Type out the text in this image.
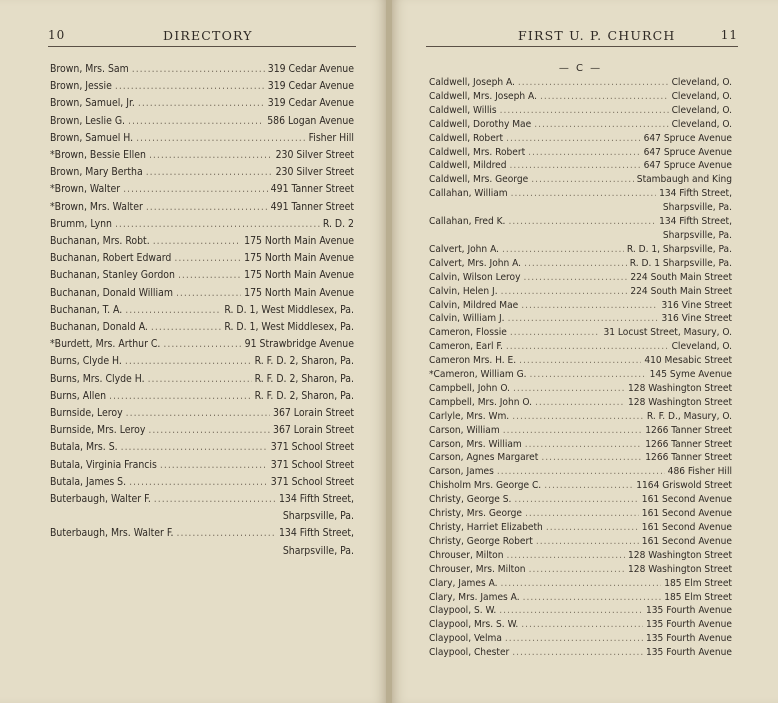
10	DIRECTORY
Brown, Mrs. Sam .....	319 Cedar Avenue
Brown, Jessie .....	319 Cedar Avenue
Brown, Samuel, Jr. .....	319 Cedar Avenue
Brown, Leslie G. .....	586 Logan Avenue
Brown, Samuel H. .....	Fisher Hill
*Brown, Bessie Ellen .....	230 Silver Street
Brown, Mary Bertha .....	230 Silver Street
*Brown, Walter .....	491 Tanner Street
*Brown, Mrs. Walter .....	491 Tanner Street
Brumm, Lynn .....	R. D. 2
Buchanan, Mrs. Robt. .....	175 North Main Avenue
Buchanan, Robert Edward .....	175 North Main Avenue
Buchanan, Stanley Gordon .....	175 North Main Avenue
Buchanan, Donald William .....	175 North Main Avenue
Buchanan, T. A. .....	R. D. 1, West Middlesex, Pa.
Buchanan, Donald A. .....	R. D. 1, West Middlesex, Pa.
*Burdett, Mrs. Arthur C. .....	91 Strawbridge Avenue
Burns, Clyde H. .....	R. F. D. 2, Sharon, Pa.
Burns, Mrs. Clyde H. .....	R. F. D. 2, Sharon, Pa.
Burns, Allen .....	R. F. D. 2, Sharon, Pa.
Burnside, Leroy .....	367 Lorain Street
Burnside, Mrs. Leroy .....	367 Lorain Street
Butala, Mrs. S. .....	371 School Street
Butala, Virginia Francis .....	371 School Street
Butala, James S. .....	371 School Street
Buterbaugh, Walter F. .....	134 Fifth Street,
Sharpsville, Pa.
Buterbaugh, Mrs. Walter F. .....	134 Fifth Street,
Sharpsville, Pa.
FIRST U. P. CHURCH	11
— C —
Caldwell, Joseph A. .....	Cleveland, O.
Caldwell, Mrs. Joseph A. .....	Cleveland, O.
Caldwell, Willis .....	Cleveland, O.
Caldwell, Dorothy Mae .....	Cleveland, O.
Caldwell, Robert .....	647 Spruce Avenue
Caldwell, Mrs. Robert .....	647 Spruce Avenue
Caldwell, Mildred .....	647 Spruce Avenue
Caldwell, Mrs. George .....	Stambaugh and King
Callahan, William .....	134 Fifth Street,
Sharpsville, Pa.
Callahan, Fred K. .....	134 Fifth Street,
Sharpsville, Pa.
Calvert, John A. .....	R. D. 1, Sharpsville, Pa.
Calvert, Mrs. John A. .....	R. D. 1 Sharpsville, Pa.
Calvin, Wilson Leroy .....	224 South Main Street
Calvin, Helen J. .....	224 South Main Street
Calvin, Mildred Mae .....	316 Vine Street
Calvin, William J. .....	316 Vine Street
Cameron, Flossie .....	31 Locust Street, Masury, O.
Cameron, Earl F. .....	Cleveland, O.
Cameron Mrs. H. E. .....	410 Mesabic Street
*Cameron, William G. .....	145 Syme Avenue
Campbell, John O. .....	128 Washington Street
Campbell, Mrs. John O. .....	128 Washington Street
Carlyle, Mrs. Wm. .....	R. F. D., Masury, O.
Carson, William .....	1266 Tanner Street
Carson, Mrs. William .....	1266 Tanner Street
Carson, Agnes Margaret .....	1266 Tanner Street
Carson, James .....	486 Fisher Hill
Chisholm Mrs. George C. .....	1164 Griswold Street
Christy, George S. .....	161 Second Avenue
Christy, Mrs. George .....	161 Second Avenue
Christy, Harriet Elizabeth .....	161 Second Avenue
Christy, George Robert .....	161 Second Avenue
Chrouser, Milton .....	128 Washington Street
Chrouser, Mrs. Milton .....	128 Washington Street
Clary, James A. .....	185 Elm Street
Clary, Mrs. James A. .....	185 Elm Street
Claypool, S. W. .....	135 Fourth Avenue
Claypool, Mrs. S. W. .....	135 Fourth Avenue
Claypool, Velma .....	135 Fourth Avenue
Claypool, Chester .....	135 Fourth Avenue
